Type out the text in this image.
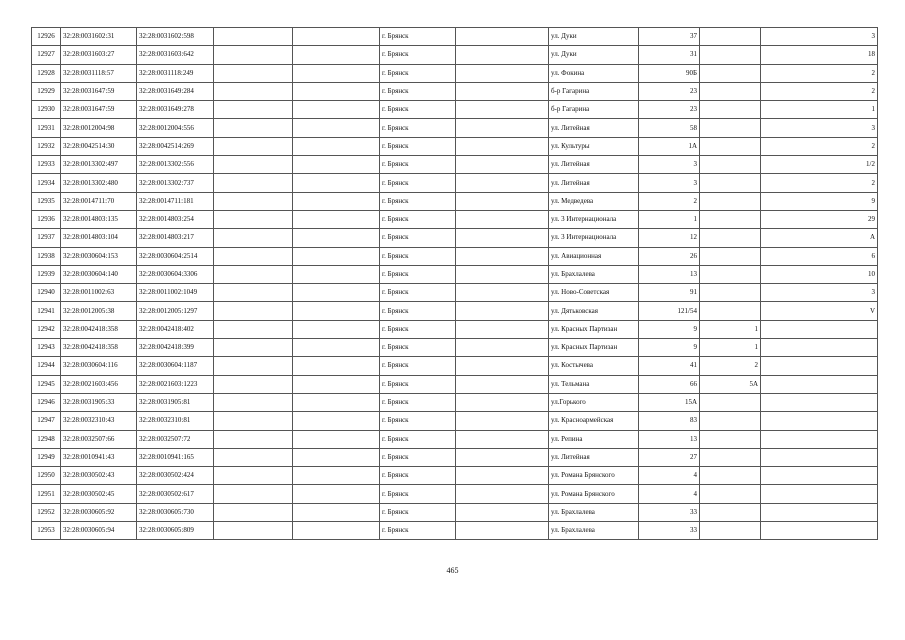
12926	32:28:0031602:31	32:28:0031602:598			г. Брянск		ул. Дуки	37		3
12927	32:28:0031603:27	32:28:0031603:642			г. Брянск		ул. Дуки	31		18
12928	32:28:0031118:57	32:28:0031118:249			г. Брянск		ул. Фокина	90Б		2
12929	32:28:0031647:59	32:28:0031649:284			г. Брянск		б-р Гагарина	23		2
12930	32:28:0031647:59	32:28:0031649:278			г. Брянск		б-р Гагарина	23		1
12931	32:28:0012004:98	32:28:0012004:556			г. Брянск		ул. Литейная	58		3
12932	32:28:0042514:30	32:28:0042514:269			г. Брянск		ул. Культуры	1А		2
12933	32:28:0013302:497	32:28:0013302:556			г. Брянск		ул. Литейная	3		1/2
12934	32:28:0013302:480	32:28:0013302:737			г. Брянск		ул. Литейная	3		2
12935	32:28:0014711:70	32:28:0014711:181			г. Брянск		ул. Медведева	2		9
12936	32:28:0014803:135	32:28:0014803:254			г. Брянск		ул. 3 Интернационала	1		29
12937	32:28:0014803:104	32:28:0014803:217			г. Брянск		ул. 3 Интернационала	12		А
12938	32:28:0030604:153	32:28:0030604:2514			г. Брянск		ул. Авиационная	26		6
12939	32:28:0030604:140	32:28:0030604:3306			г. Брянск		ул. Брахлалева	13		10
12940	32:28:0011002:63	32:28:0011002:1049			г. Брянск		ул. Ново-Советская	91		3
12941	32:28:0012005:38	32:28:0012005:1297			г. Брянск		ул. Дятьковская	121/54		V
12942	32:28:0042418:358	32:28:0042418:402			г. Брянск		ул. Красных Партизан	9	1	
12943	32:28:0042418:358	32:28:0042418:399			г. Брянск		ул. Красных Партизан	9	1	
12944	32:28:0030604:116	32:28:0030604:1187			г. Брянск		ул. Костычева	41	2	
12945	32:28:0021603:456	32:28:0021603:1223			г. Брянск		ул. Тельмана	66	5А	
12946	32:28:0031905:33	32:28:0031905:81			г. Брянск		ул.Горького	15А		
12947	32:28:0032310:43	32:28:0032310:81			г. Брянск		ул. Красноармейская	83		
12948	32:28:0032507:66	32:28:0032507:72			г. Брянск		ул. Репина	13		
12949	32:28:0010941:43	32:28:0010941:165			г. Брянск		ул. Литейная	27		
12950	32:28:0030502:43	32:28:0030502:424			г. Брянск		ул. Романа Брянского	4		
12951	32:28:0030502:45	32:28:0030502:617			г. Брянск		ул. Романа Брянского	4		
12952	32:28:0030605:92	32:28:0030605:730			г. Брянск		ул. Брахлалева	33		
12953	32:28:0030605:94	32:28:0030605:809			г. Брянск		ул. Брахлалева	33		
465
